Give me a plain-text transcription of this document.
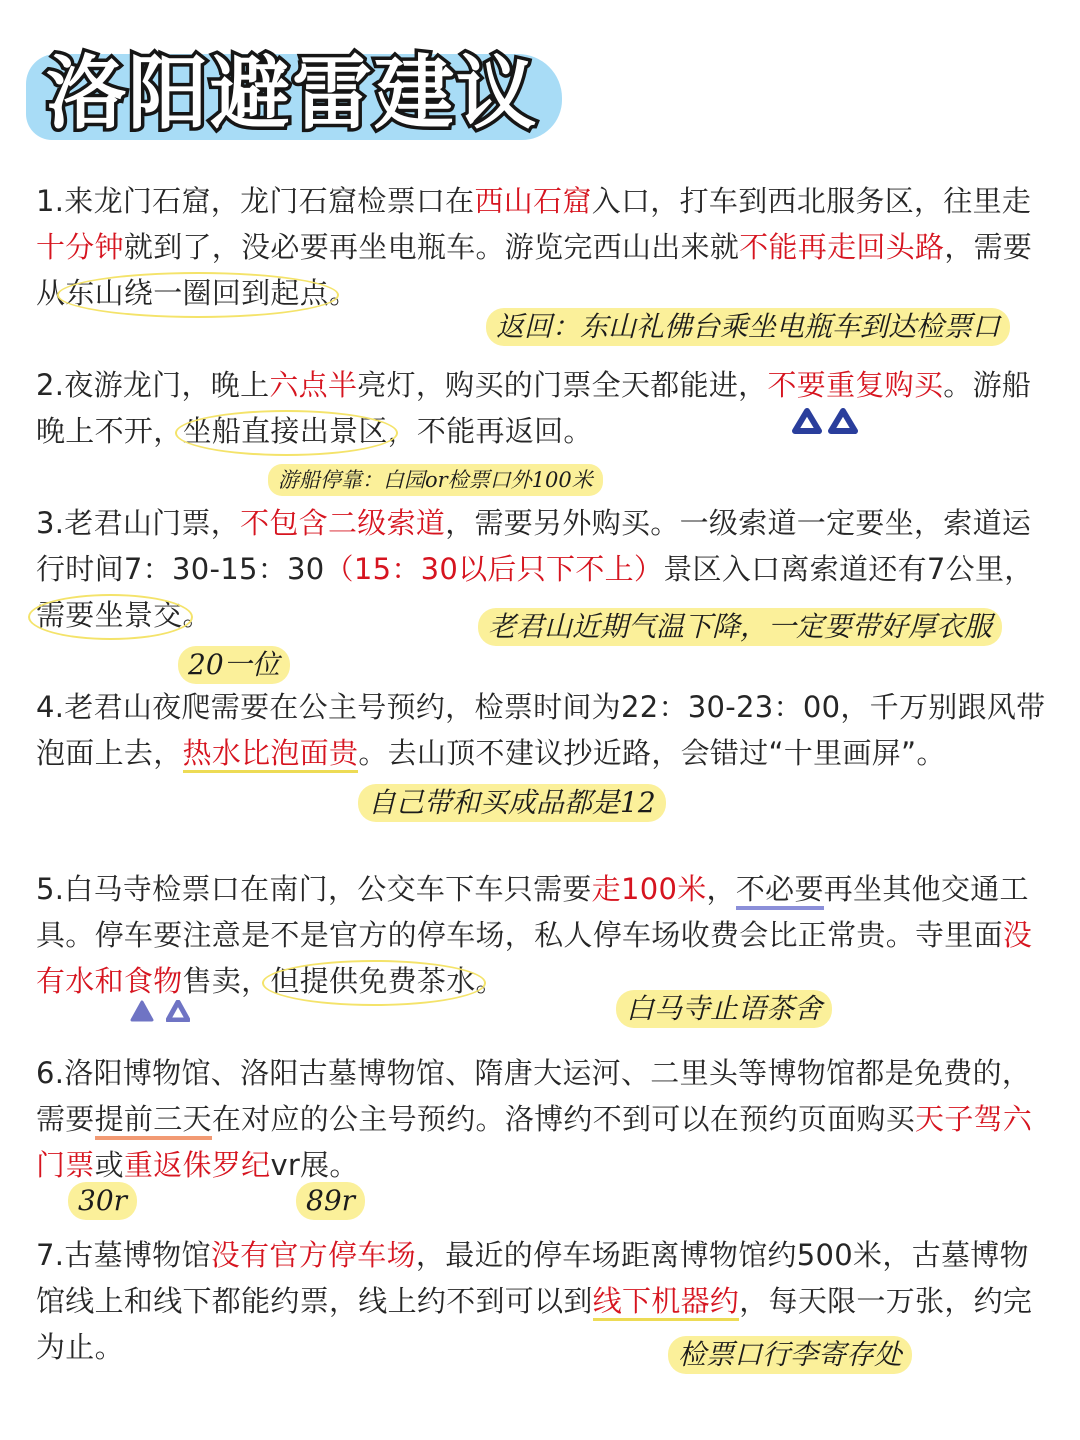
洛阳避雷建议

1.来龙门石窟，龙门石窟检票口在西山石窟入口，打车到西北服务区，往里走十分钟就到了，没必要再坐电瓶车。游览完西山出来就不能再走回头路，需要从东山绕一圈回到起点。

返回：东山礼佛台乘坐电瓶车到达检票口

2.夜游龙门，晚上六点半亮灯，购买的门票全天都能进，不要重复购买。游船晚上不开，坐船直接出景区，不能再返回。

游船停靠：白园or检票口外100米

3.老君山门票，不包含二级索道，需要另外购买。一级索道一定要坐，索道运行时间7：30-15：30（15：30以后只下不上）景区入口离索道还有7公里，需要坐景交。	老君山近期气温下降，一定要带好厚衣服

20一位

4.老君山夜爬需要在公主号预约，检票时间为22：30-23：00，千万别跟风带泡面上去，热水比泡面贵。去山顶不建议抄近路，会错过“十里画屏”。

自己带和买成品都是12

5.白马寺检票口在南门，公交车下车只需要走100米，不必要再坐其他交通工具。停车要注意是不是官方的停车场，私人停车场收费会比正常贵。寺里面没有水和食物售卖，但提供免费茶水。

白马寺止语茶舍

6.洛阳博物馆、洛阳古墓博物馆、隋唐大运河、二里头等博物馆都是免费的，需要提前三天在对应的公主号预约。洛博约不到可以在预约页面购买天子驾六门票或重返侏罗纪vr展。

30r	89r

7.古墓博物馆没有官方停车场，最近的停车场距离博物馆约500米，古墓博物馆线上和线下都能约票，线上约不到可以到线下机器约，每天限一万张，约完为止。	检票口行李寄存处
